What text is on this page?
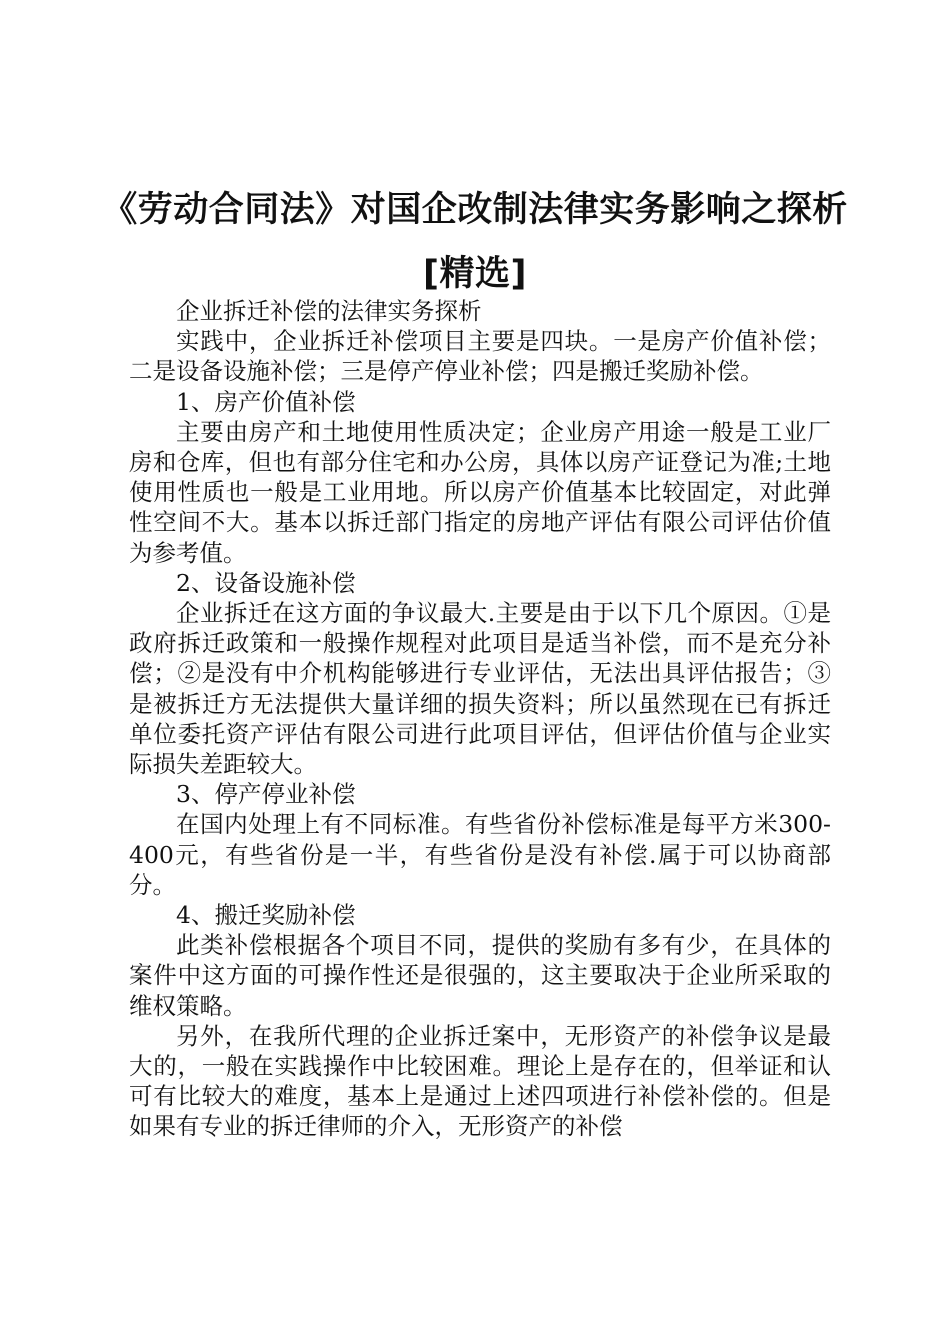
《劳动合同法》对国企改制法律实务影响之探析[精选]

企业拆迁补偿的法律实务探析

实践中，企业拆迁补偿项目主要是四块。一是房产价值补偿；二是设备设施补偿；三是停产停业补偿；四是搬迁奖励补偿。

1、房产价值补偿

主要由房产和土地使用性质决定；企业房产用途一般是工业厂房和仓库，但也有部分住宅和办公房，具体以房产证登记为准;土地使用性质也一般是工业用地。所以房产价值基本比较固定，对此弹性空间不大。基本以拆迁部门指定的房地产评估有限公司评估价值为参考值。

2、设备设施补偿

企业拆迁在这方面的争议最大.主要是由于以下几个原因。①是政府拆迁政策和一般操作规程对此项目是适当补偿，而不是充分补偿；②是没有中介机构能够进行专业评估，无法出具评估报告；③是被拆迁方无法提供大量详细的损失资料；所以虽然现在已有拆迁单位委托资产评估有限公司进行此项目评估，但评估价值与企业实际损失差距较大。

3、停产停业补偿

在国内处理上有不同标准。有些省份补偿标准是每平方米300-400元，有些省份是一半，有些省份是没有补偿.属于可以协商部分。

4、搬迁奖励补偿

此类补偿根据各个项目不同，提供的奖励有多有少，在具体的案件中这方面的可操作性还是很强的，这主要取决于企业所采取的维权策略。

另外，在我所代理的企业拆迁案中，无形资产的补偿争议是最大的，一般在实践操作中比较困难。理论上是存在的，但举证和认可有比较大的难度，基本上是通过上述四项进行补偿补偿的。但是如果有专业的拆迁律师的介入，无形资产的补偿
